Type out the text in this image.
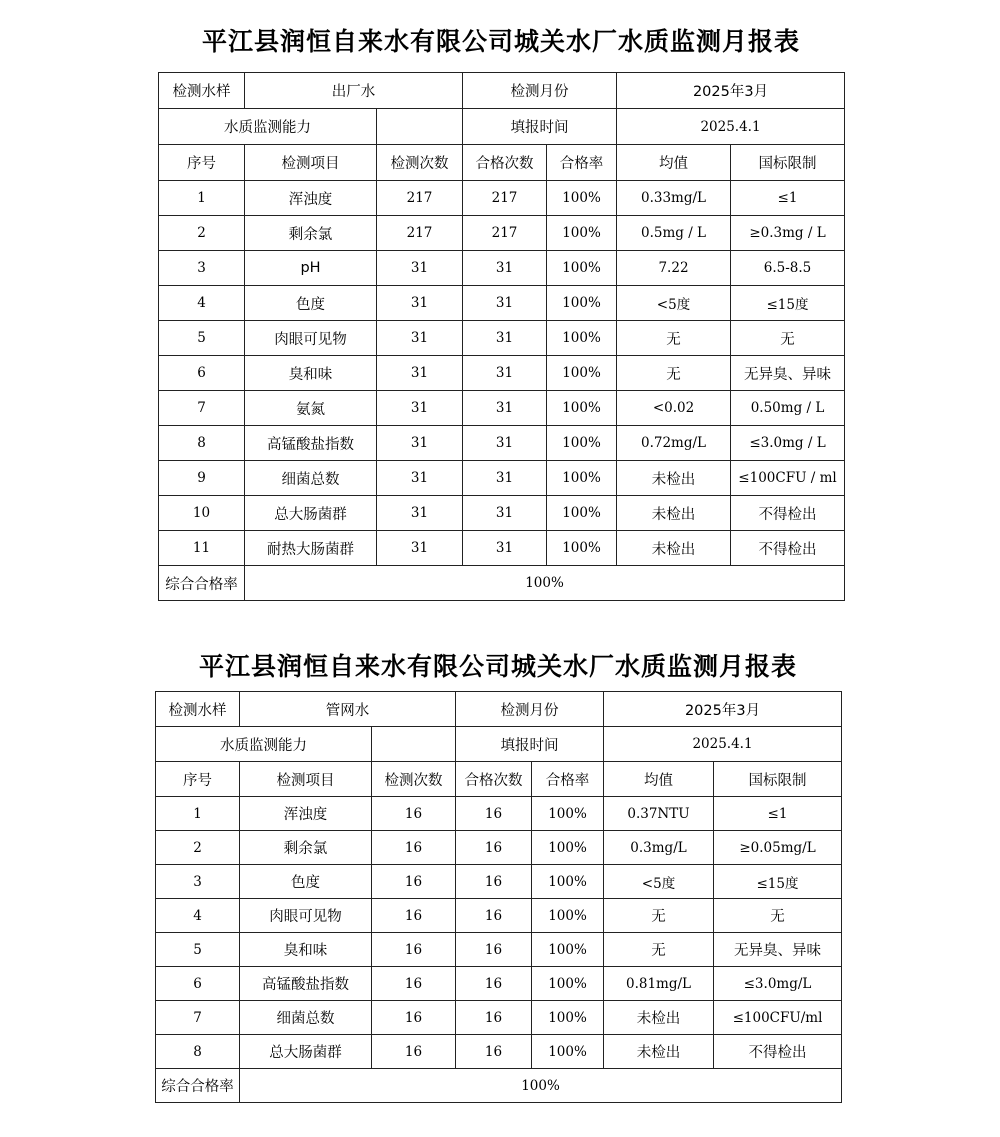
平江县润恒自来水有限公司城关水厂水质监测月报表
检测水样	出厂水		检测月份		2025年3月	
水质监测能力			填报时间		2025.4.1	
序号	检测项目	检测次数	合格次数	合格率	均值	国标限制
1	浑浊度	217	217	100%	0.33mg/L	≤1
2	剩余氯	217	217	100%	0.5mg / L	≥0.3mg / L
3	pH	31	31	100%	7.22	6.5-8.5
4	色度	31	31	100%	<5度	≤15度
5	肉眼可见物	31	31	100%	无	无
6	臭和味	31	31	100%	无	无异臭、异味
7	氨氮	31	31	100%	<0.02	0.50mg / L
8	高锰酸盐指数	31	31	100%	0.72mg/L	≤3.0mg / L
9	细菌总数	31	31	100%	未检出	≤100CFU / ml
10	总大肠菌群	31	31	100%	未检出	不得检出
11	耐热大肠菌群	31	31	100%	未检出	不得检出
综合合格率	100%					
平江县润恒自来水有限公司城关水厂水质监测月报表
检测水样	管网水		检测月份		2025年3月	
水质监测能力			填报时间		2025.4.1	
序号	检测项目	检测次数	合格次数	合格率	均值	国标限制
1	浑浊度	16	16	100%	0.37NTU	≤1
2	剩余氯	16	16	100%	0.3mg/L	≥0.05mg/L
3	色度	16	16	100%	<5度	≤15度
4	肉眼可见物	16	16	100%	无	无
5	臭和味	16	16	100%	无	无异臭、异味
6	高锰酸盐指数	16	16	100%	0.81mg/L	≤3.0mg/L
7	细菌总数	16	16	100%	未检出	≤100CFU/ml
8	总大肠菌群	16	16	100%	未检出	不得检出
综合合格率	100%					
